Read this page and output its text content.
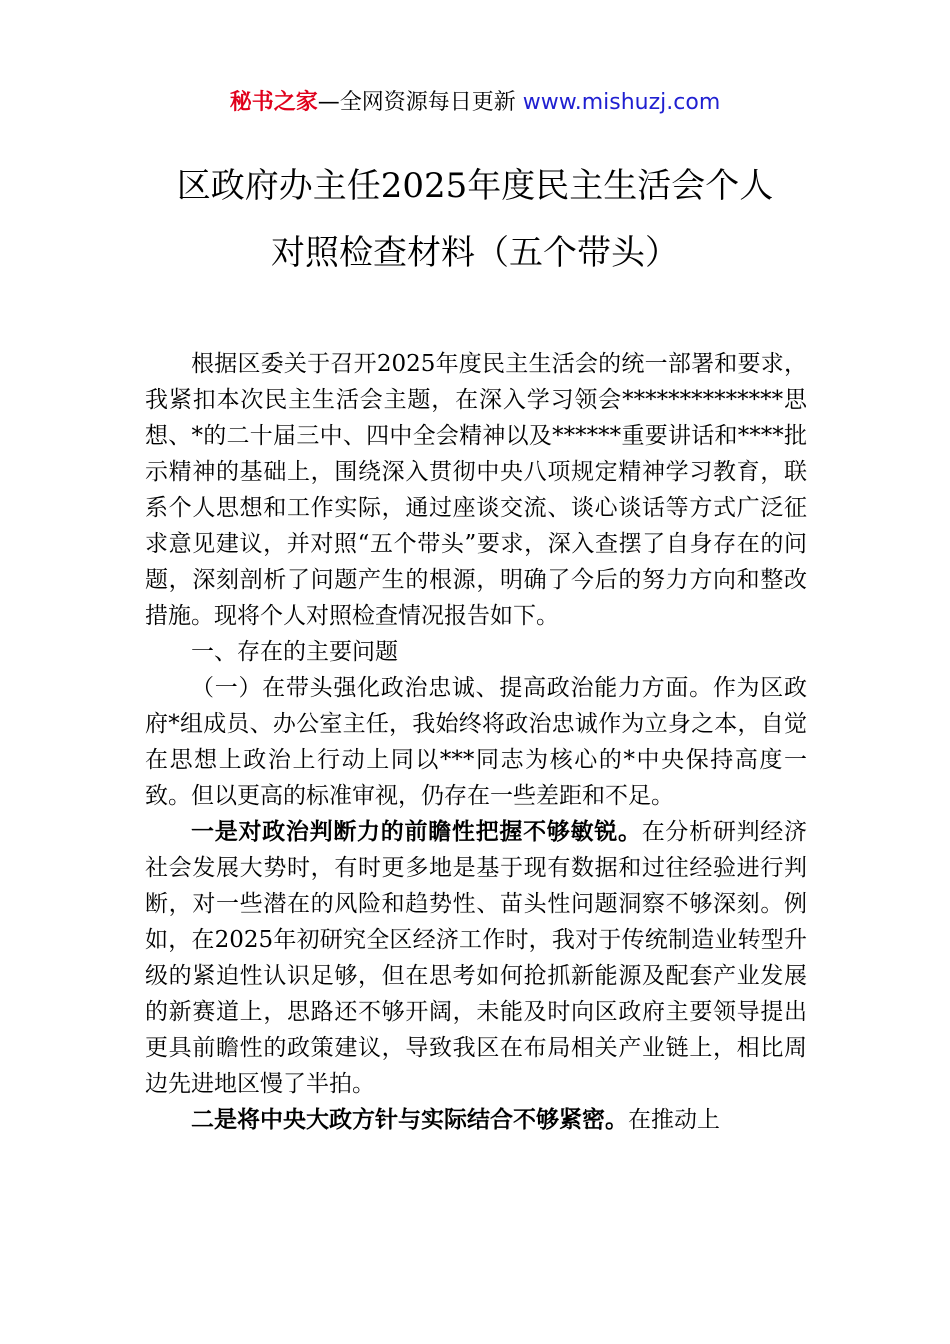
秘书之家—全网资源每日更新 www.mishuzj.com
区政府办主任2025年度民主生活会个人
对照检查材料（五个带头）

根据区委关于召开2025年度民主生活会的统一部署和要求，我紧扣本次民主生活会主题，在深入学习领会**************思想、*的二十届三中、四中全会精神以及******重要讲话和****批示精神的基础上，围绕深入贯彻中央八项规定精神学习教育，联系个人思想和工作实际，通过座谈交流、谈心谈话等方式广泛征求意见建议，并对照“五个带头”要求，深入查摆了自身存在的问题，深刻剖析了问题产生的根源，明确了今后的努力方向和整改措施。现将个人对照检查情况报告如下。

一、存在的主要问题

（一）在带头强化政治忠诚、提高政治能力方面。作为区政府*组成员、办公室主任，我始终将政治忠诚作为立身之本，自觉在思想上政治上行动上同以***同志为核心的*中央保持高度一致。但以更高的标准审视，仍存在一些差距和不足。

一是对政治判断力的前瞻性把握不够敏锐。在分析研判经济社会发展大势时，有时更多地是基于现有数据和过往经验进行判断，对一些潜在的风险和趋势性、苗头性问题洞察不够深刻。例如，在2025年初研究全区经济工作时，我对于传统制造业转型升级的紧迫性认识足够，但在思考如何抢抓新能源及配套产业发展的新赛道上，思路还不够开阔，未能及时向区政府主要领导提出更具前瞻性的政策建议，导致我区在布局相关产业链上，相比周边先进地区慢了半拍。

二是将中央大政方针与实际结合不够紧密。在推动上
